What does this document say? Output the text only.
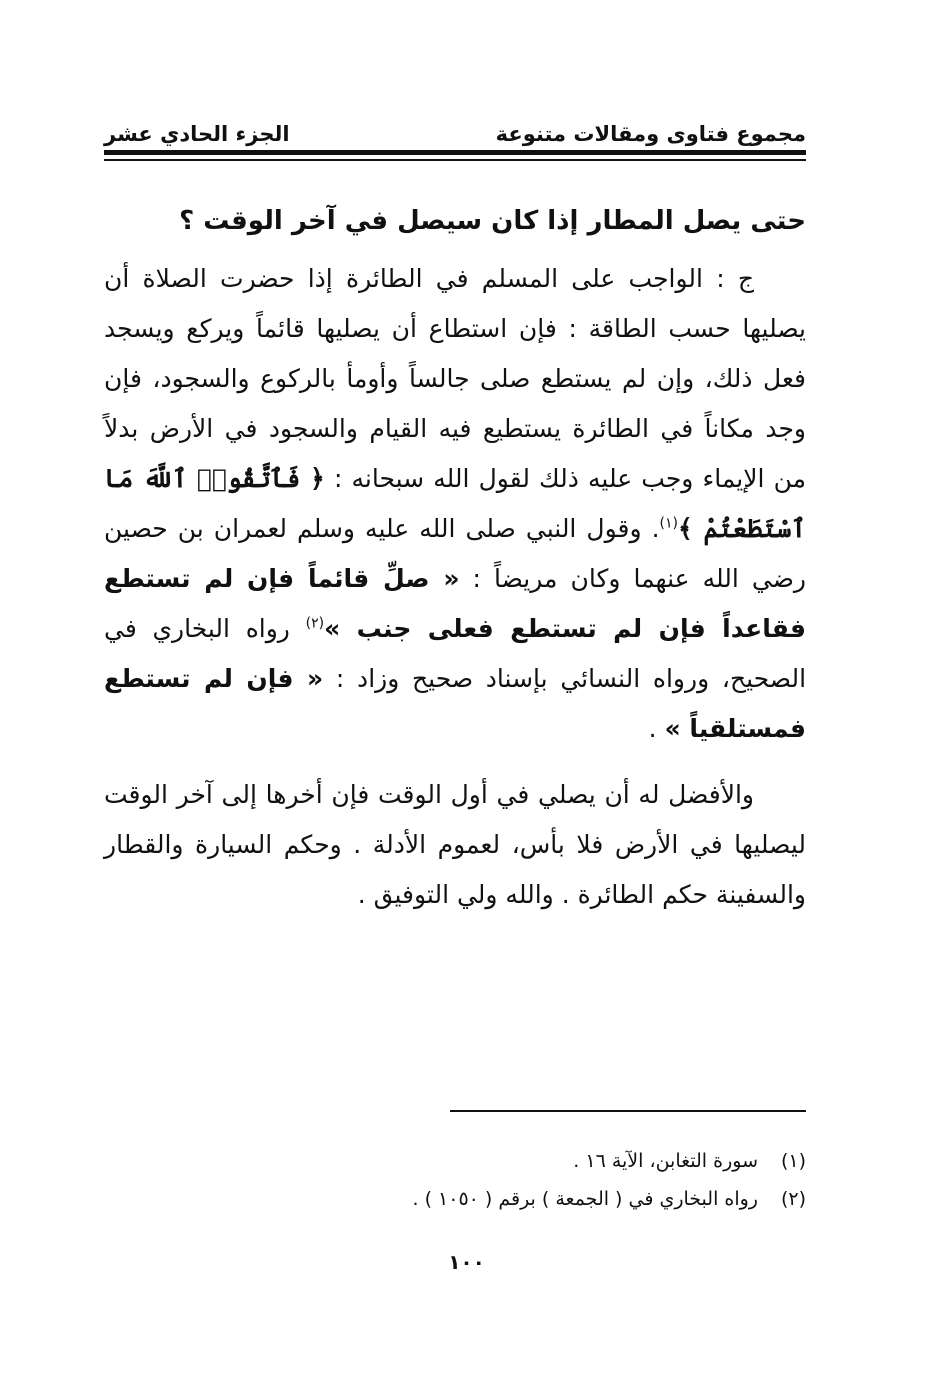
مجموع فتاوى ومقالات متنوعة
الجزء الحادي عشر

حتى يصل المطار إذا كان سيصل في آخر الوقت ؟

ج : الواجب على المسلم في الطائرة إذا حضرت الصلاة أن يصليها حسب الطاقة : فإن استطاع أن يصليها قائماً ويركع ويسجد فعل ذلك، وإن لم يستطع صلى جالساً وأومأ بالركوع والسجود، فإن وجد مكاناً في الطائرة يستطيع فيه القيام والسجود في الأرض بدلاً من الإيماء وجب عليه ذلك لقول الله سبحانه : ﴿ فَٱتَّقُوا۟ ٱللَّهَ مَا ٱسْتَطَعْتُمْ ﴾$^{(١)}$. وقول النبي صلى الله عليه وسلم لعمران بن حصين رضي الله عنهما وكان مريضاً : « صلِّ قائماً فإن لم تستطع فقاعداً فإن لم تستطع فعلى جنب »$^{(٢)}$ رواه البخاري في الصحيح، ورواه النسائي بإسناد صحيح وزاد : « فإن لم تستطع فمستلقياً » .

والأفضل له أن يصلي في أول الوقت فإن أخرها إلى آخر الوقت ليصليها في الأرض فلا بأس، لعموم الأدلة . وحكم السيارة والقطار والسفينة حكم الطائرة . والله ولي التوفيق .

(١)
سورة التغابن، الآية ١٦ .
(٢)
رواه البخاري في ( الجمعة ) برقم ( ١٠٥٠ ) .
١٠٠
